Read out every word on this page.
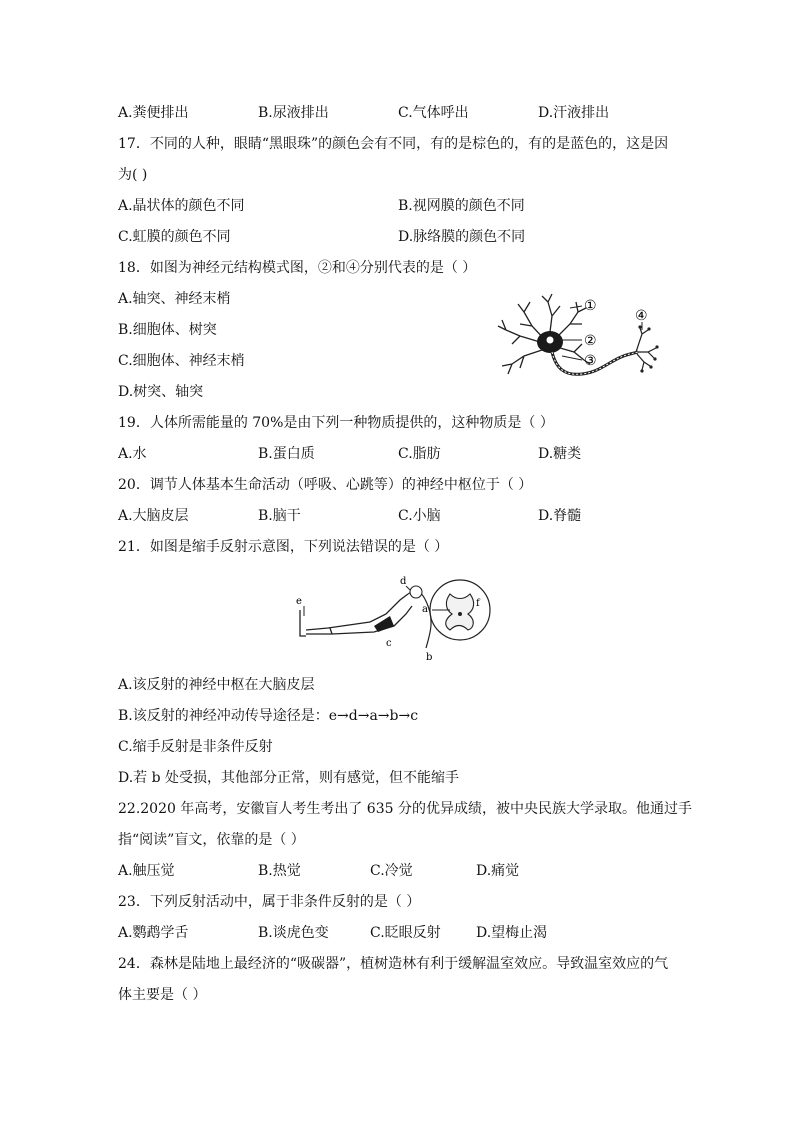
A.粪便排出	B.尿液排出	C.气体呼出	D.汗液排出
17．不同的人种，眼睛“黑眼珠”的颜色会有不同，有的是棕色的，有的是蓝色的，这是因
为( )
A.晶状体的颜色不同	B.视网膜的颜色不同
C.虹膜的颜色不同	D.脉络膜的颜色不同
18．如图为神经元结构模式图，②和④分别代表的是（ ）
A.轴突、神经末梢
B.细胞体、树突
C.细胞体、神经末梢
D.树突、轴突
①
②
③
④
19．人体所需能量的 70%是由下列一种物质提供的，这种物质是（ ）
A.水	B.蛋白质	C.脂肪	D.糖类
20．调节人体基本生命活动（呼吸、心跳等）的神经中枢位于（ ）
A.大脑皮层	B.脑干	C.小脑	D.脊髓
21．如图是缩手反射示意图，下列说法错误的是（ ）
d
a
e
c
b
f
A.该反射的神经中枢在大脑皮层
B.该反射的神经冲动传导途径是：e→d→a→b→c
C.缩手反射是非条件反射
D.若 b 处受损，其他部分正常，则有感觉，但不能缩手
22.2020 年高考，安徽盲人考生考出了 635 分的优异成绩，被中央民族大学录取。他通过手
指“阅读”盲文，依靠的是（ ）
A.触压觉	B.热觉	C.冷觉	D.痛觉
23．下列反射活动中，属于非条件反射的是（ ）
A.鹦鹉学舌	B.谈虎色变	C.眨眼反射	D.望梅止渴
24．森林是陆地上最经济的“吸碳器”，植树造林有利于缓解温室效应。导致温室效应的气
体主要是（ ）
